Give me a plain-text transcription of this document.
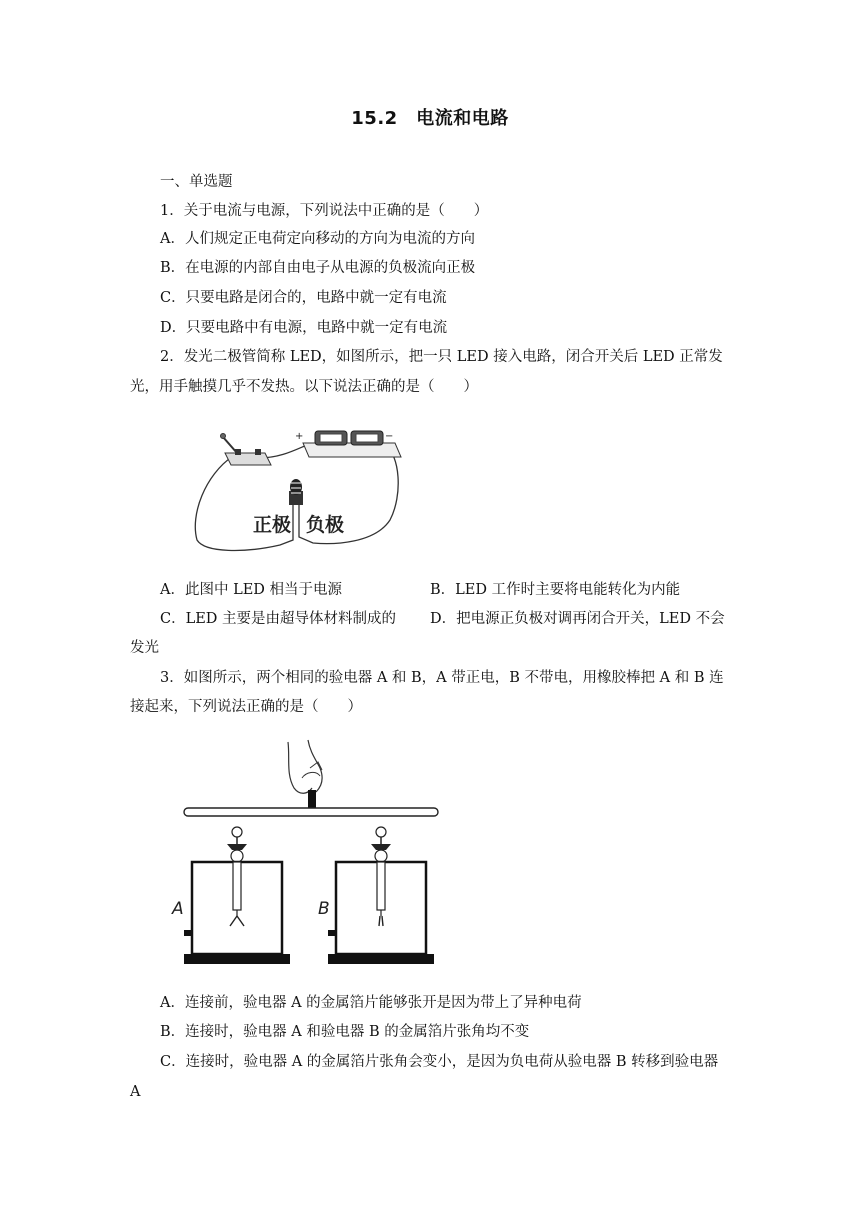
15.2　电流和电路
一、单选题
1．关于电流与电源，下列说法中正确的是（　　）
A．人们规定正电荷定向移动的方向为电流的方向
B．在电源的内部自由电子从电源的负极流向正极
C．只要电路是闭合的，电路中就一定有电流
D．只要电路中有电源，电路中就一定有电流
2．发光二极管简称 LED，如图所示，把一只 LED 接入电路，闭合开关后 LED 正常发
光，用手触摸几乎不发热。以下说法正确的是（　　）
+	−
正极 负极
A．此图中 LED 相当于电源	B．LED 工作时主要将电能转化为内能
C．LED 主要是由超导体材料制成的 D．把电源正负极对调再闭合开关，LED 不会
发光
3．如图所示，两个相同的验电器 A 和 B，A 带正电，B 不带电，用橡胶棒把 A 和 B 连
接起来，下列说法正确的是（　　）
A	B
A．连接前，验电器 A 的金属箔片能够张开是因为带上了异种电荷
B．连接时，验电器 A 和验电器 B 的金属箔片张角均不变
C．连接时，验电器 A 的金属箔片张角会变小，是因为负电荷从验电器 B 转移到验电器
A
